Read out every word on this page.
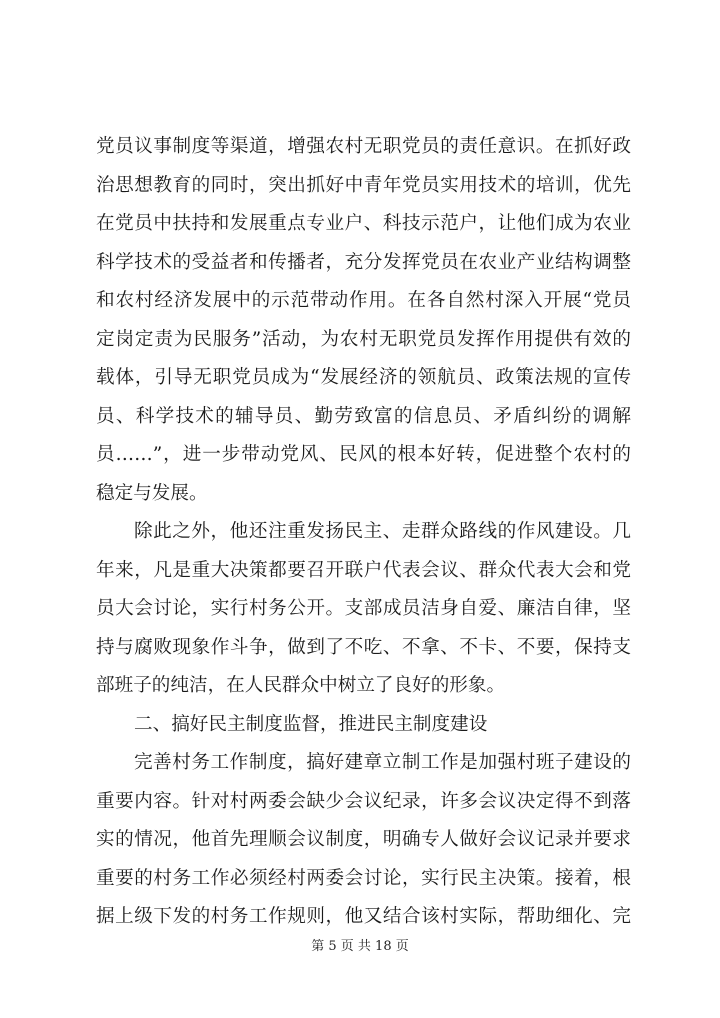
党员议事制度等渠道，增强农村无职党员的责任意识。在抓好政
治思想教育的同时，突出抓好中青年党员实用技术的培训，优先
在党员中扶持和发展重点专业户、科技示范户，让他们成为农业
科学技术的受益者和传播者，充分发挥党员在农业产业结构调整
和农村经济发展中的示范带动作用。在各自然村深入开展“党员
定岗定责为民服务”活动，为农村无职党员发挥作用提供有效的
载体，引导无职党员成为“发展经济的领航员、政策法规的宣传
员、科学技术的辅导员、勤劳致富的信息员、矛盾纠纷的调解
员……”，进一步带动党风、民风的根本好转，促进整个农村的
稳定与发展。
除此之外，他还注重发扬民主、走群众路线的作风建设。几
年来，凡是重大决策都要召开联户代表会议、群众代表大会和党
员大会讨论，实行村务公开。支部成员洁身自爱、廉洁自律，坚
持与腐败现象作斗争，做到了不吃、不拿、不卡、不要，保持支
部班子的纯洁，在人民群众中树立了良好的形象。
二、搞好民主制度监督，推进民主制度建设
完善村务工作制度，搞好建章立制工作是加强村班子建设的
重要内容。针对村两委会缺少会议纪录，许多会议决定得不到落
实的情况，他首先理顺会议制度，明确专人做好会议记录并要求
重要的村务工作必须经村两委会讨论，实行民主决策。接着，根
据上级下发的村务工作规则，他又结合该村实际，帮助细化、完
第 5 页 共 18 页
